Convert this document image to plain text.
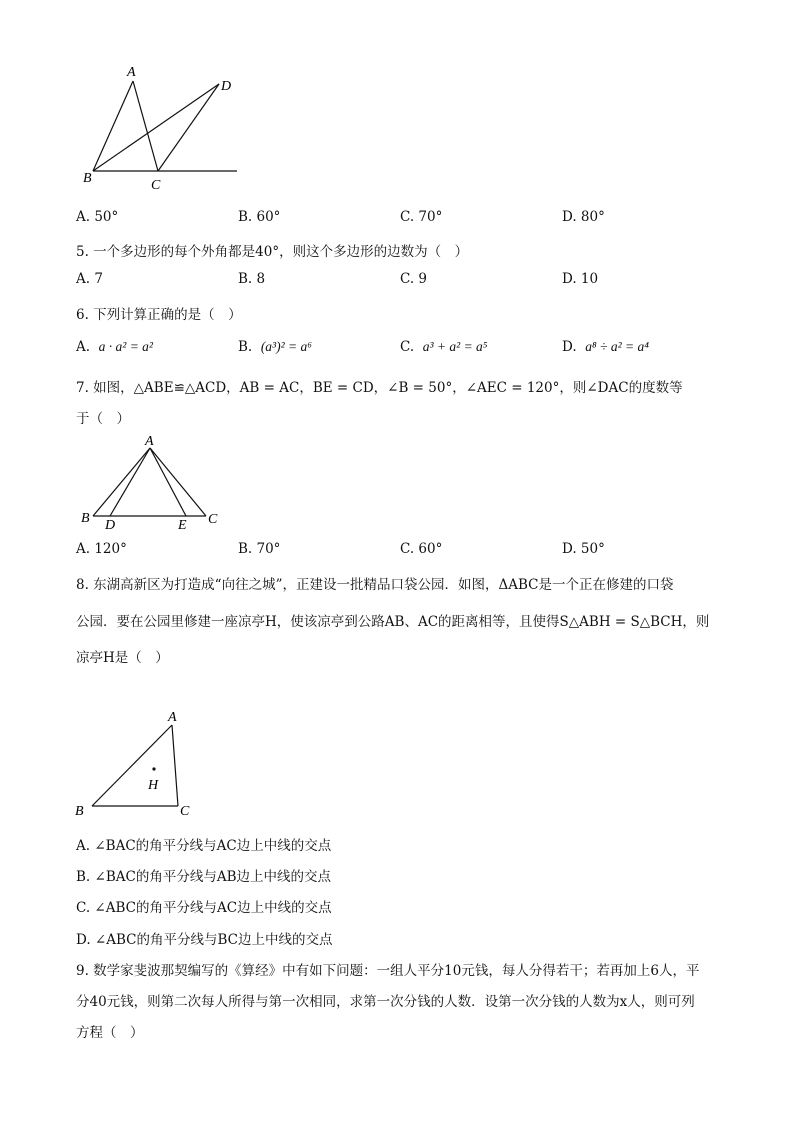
A
B	C
D
A. 50°	B. 60°	C. 70°	D. 80°
5. 一个多边形的每个外角都是40°，则这个多边形的边数为（　）
A. 7	B. 8	C. 9	D. 10
6. 下列计算正确的是（　）
A. a · a² = a²	B. (a³)² = a⁶	C. a³ + a² = a⁵	D. a⁸ ÷ a² = a⁴
7. 如图，△ABE≌△ACD，AB = AC，BE = CD，∠B = 50°，∠AEC = 120°，则∠DAC的度数等
于（　）
A
B	C
D	E
A. 120°	B. 70°	C. 60°	D. 50°
8. 东湖高新区为打造成“向往之城”，正建设一批精品口袋公园．如图，ΔABC是一个正在修建的口袋
公园．要在公园里修建一座凉亭H，使该凉亭到公路AB、AC的距离相等，且使得S△ABH = S△BCH，则
凉亭H是（　）
A
B	C
H
A. ∠BAC的角平分线与AC边上中线的交点
B. ∠BAC的角平分线与AB边上中线的交点
C. ∠ABC的角平分线与AC边上中线的交点
D. ∠ABC的角平分线与BC边上中线的交点
9. 数学家斐波那契编写的《算经》中有如下问题：一组人平分10元钱，每人分得若干；若再加上6人，平
分40元钱，则第二次每人所得与第一次相同，求第一次分钱的人数．设第一次分钱的人数为x人，则可列
方程（　）
